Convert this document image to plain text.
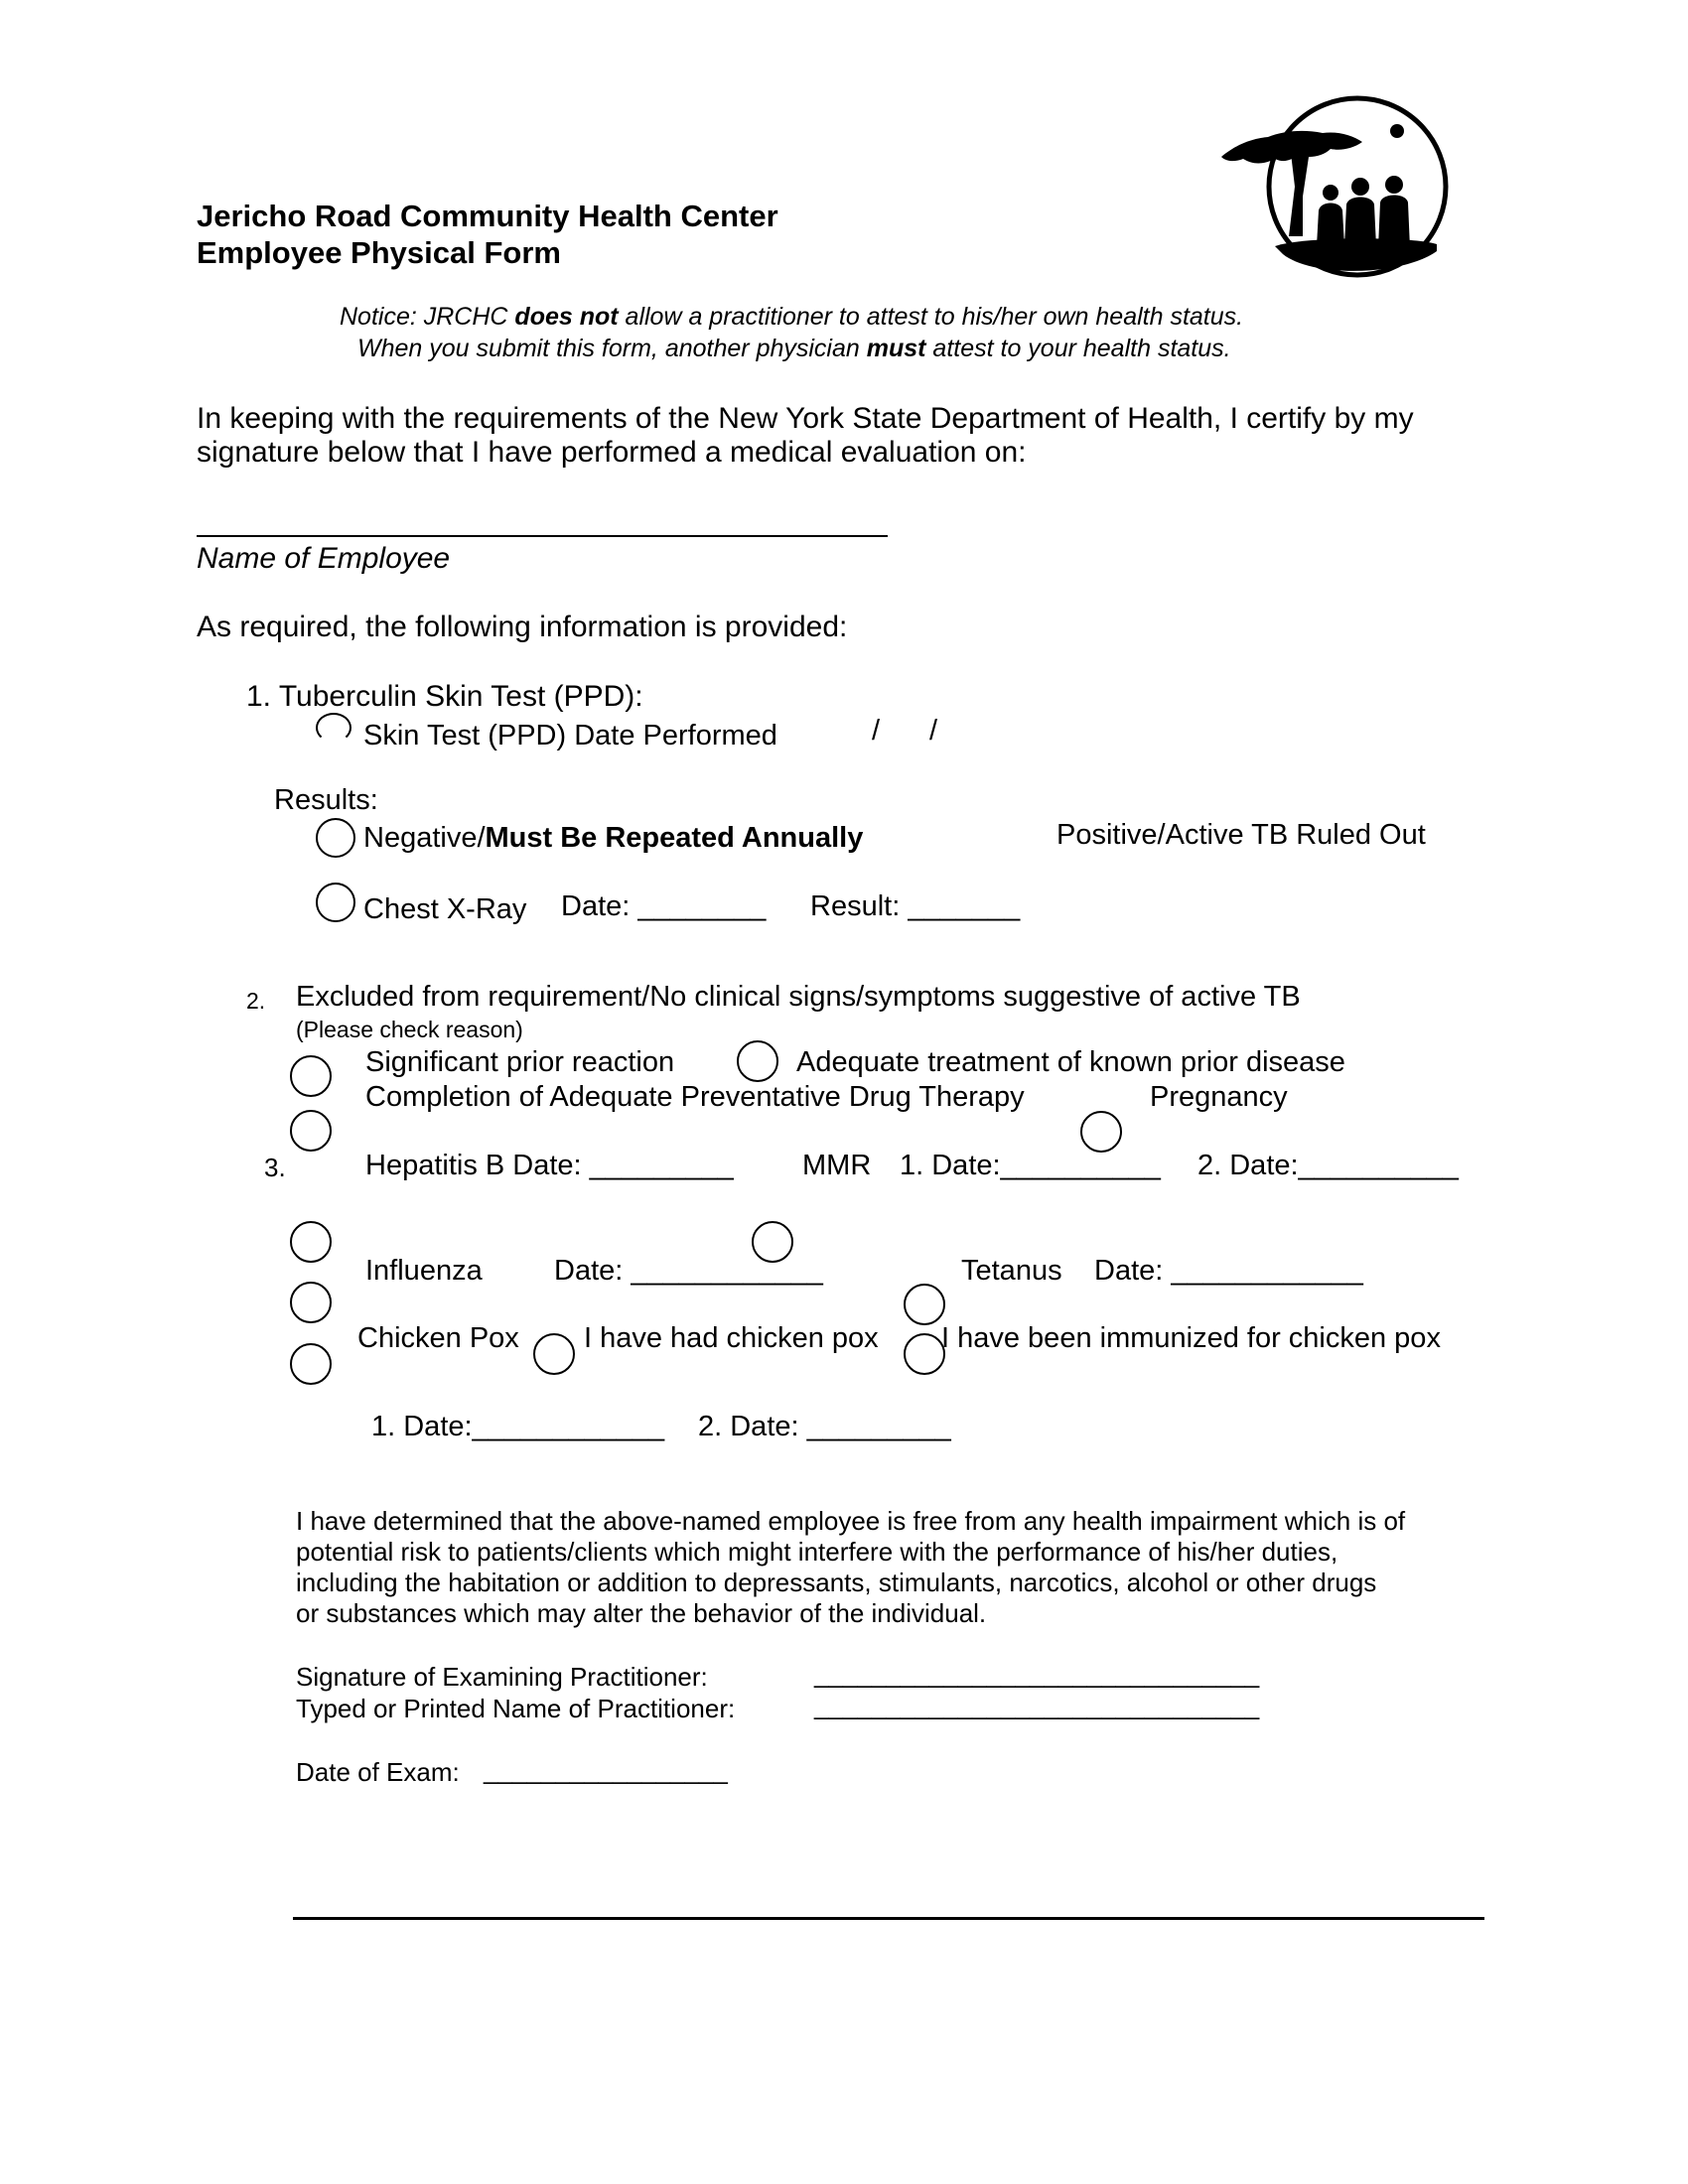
Jericho Road Community Health Center
Employee Physical Form
Notice: JRCHC does not allow a practitioner to attest to his/her own health status.
When you submit this form, another physician must attest to your health status.
In keeping with the requirements of the New York State Department of Health, I certify by my
signature below that I have performed a medical evaluation on:
Name of Employee
As required, the following information is provided:
1. Tuberculin Skin Test (PPD):
Skin Test (PPD) Date Performed	/ /
Results:
Negative/Must Be Repeated Annually	Positive/Active TB Ruled Out
Chest X-Ray Date: ________ Result: _______
2. Excluded from requirement/No clinical signs/symptoms suggestive of active TB
(Please check reason)
Significant prior reaction	Adequate treatment of known prior disease
Completion of Adequate Preventative Drug Therapy	Pregnancy
3.	Hepatitis B Date: _________ MMR 1. Date:__________ 2. Date:__________
Influenza Date: ____________	Tetanus Date: ____________
Chicken Pox I have had chicken pox I have been immunized for chicken pox
1. Date:____________ 2. Date: _________
I have determined that the above-named employee is free from any health impairment which is of
potential risk to patients/clients which might interfere with the performance of his/her duties,
including the habitation or addition to depressants, stimulants, narcotics, alcohol or other drugs
or substances which may alter the behavior of the individual.
Signature of Examining Practitioner:	_______________________________
Typed or Printed Name of Practitioner:	_______________________________
Date of Exam: _________________
